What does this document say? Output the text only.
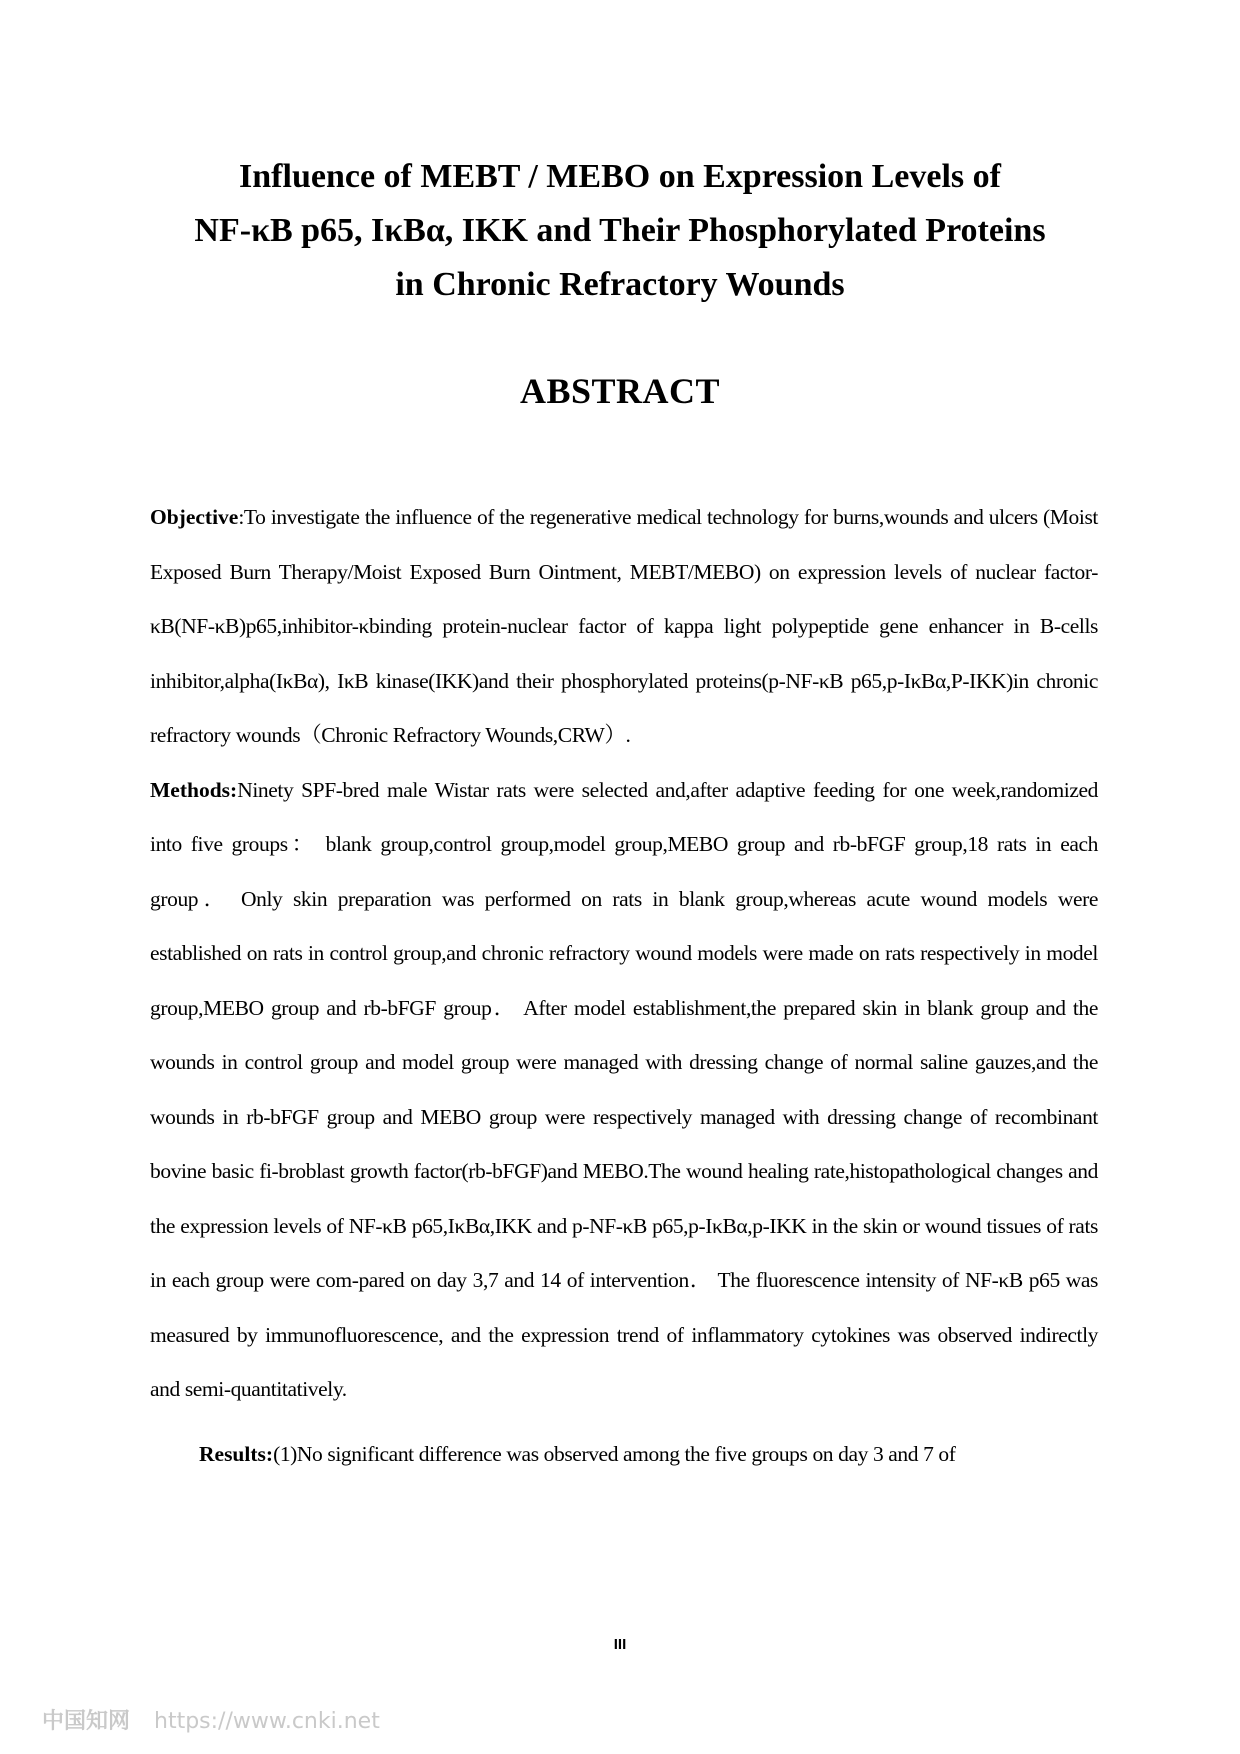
Influence of MEBT / MEBO on Expression Levels of
NF-κB p65, IκBα, IKK and Their Phosphorylated Proteins
in Chronic Refractory Wounds
ABSTRACT

Objective:To investigate the influence of the regenerative medical technology for burns,wounds and ulcers (Moist Exposed Burn Therapy/Moist Exposed Burn Ointment, MEBT/MEBO) on expression levels of nuclear factor-κB(NF-κB)p65,inhibitor-κbinding protein-nuclear factor of kappa light polypeptide gene enhancer in B-cells inhibitor,alpha(IκBα), IκB kinase(IKK)and their phosphorylated proteins(p-NF-κB p65,p-IκBα,P-IKK)in chronic refractory wounds（Chronic Refractory Wounds,CRW）.

Methods:Ninety SPF-bred male Wistar rats were selected and,after adaptive feeding for one week,randomized into five groups： blank group,control group,model group,MEBO group and rb-bFGF group,18 rats in each group． Only skin preparation was performed on rats in blank group,whereas acute wound models were established on rats in control group,and chronic refractory wound models were made on rats respectively in model group,MEBO group and rb-bFGF group． After model establishment,the prepared skin in blank group and the wounds in control group and model group were managed with dressing change of normal saline gauzes,and the wounds in rb-bFGF group and MEBO group were respectively managed with dressing change of recombinant bovine basic fi-broblast growth factor(rb-bFGF)and MEBO.The wound healing rate,histopathological changes and the expression levels of NF-κB p65,IκBα,IKK and p-NF-κB p65,p-IκBα,p-IKK in the skin or wound tissues of rats in each group were com-pared on day 3,7 and 14 of intervention． The fluorescence intensity of NF-κB p65 was measured by immunofluorescence, and the expression trend of inflammatory cytokines was observed indirectly and semi-quantitatively.

Results:(1)No significant difference was observed among the five groups on day 3 and 7 of

III
中国知网 https://www.cnki.net
